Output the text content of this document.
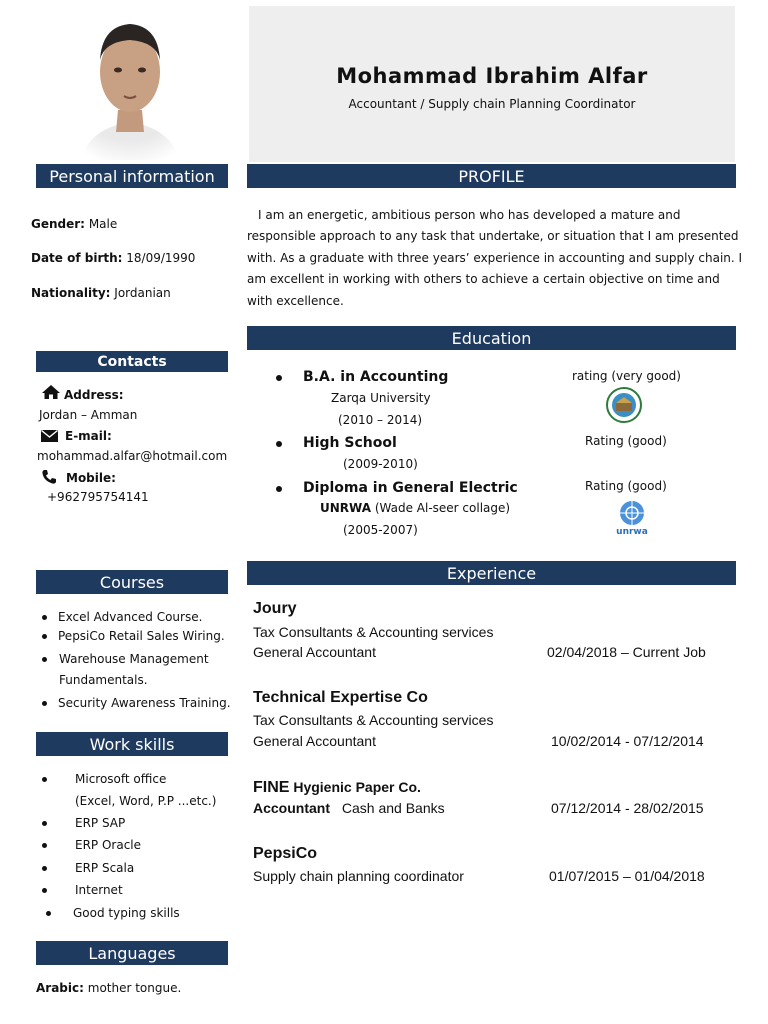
Mohammad Ibrahim Alfar
Accountant / Supply chain Planning Coordinator
Personal information
Gender: Male
Date of birth: 18/09/1990
Nationality: Jordanian
Contacts
Address:
Jordan – Amman
E-mail:
mohammad.alfar@hotmail.com
Mobile:
+962795754141
Courses
Excel Advanced Course.
PepsiCo Retail Sales Wiring.
Warehouse Management
Fundamentals.
Security Awareness Training.
Work skills
Microsoft office
(Excel, Word, P.P ...etc.)
ERP SAP
ERP Oracle
ERP Scala
Internet
Good typing skills
Languages
Arabic: mother tongue.
PROFILE
I am an energetic, ambitious person who has developed a mature and
responsible approach to any task that undertake, or situation that I am presented
with. As a graduate with three years’ experience in accounting and supply chain. I
am excellent in working with others to achieve a certain objective on time and
with excellence.
Education
B.A. in Accounting
Zarqa University
(2010 – 2014)
rating (very good)
High School
(2009-2010)
Rating (good)
Diploma in General Electric
UNRWA (Wade Al-seer collage)
(2005-2007)
Rating (good)
unrwa
Experience
Joury
Tax Consultants & Accounting services
General Accountant	02/04/2018 – Current Job
Technical Expertise Co
Tax Consultants & Accounting services
General Accountant	10/02/2014 - 07/12/2014
FINE Hygienic Paper Co.
Accountant Cash and Banks	07/12/2014 - 28/02/2015
PepsiCo
Supply chain planning coordinator	01/07/2015 – 01/04/2018
